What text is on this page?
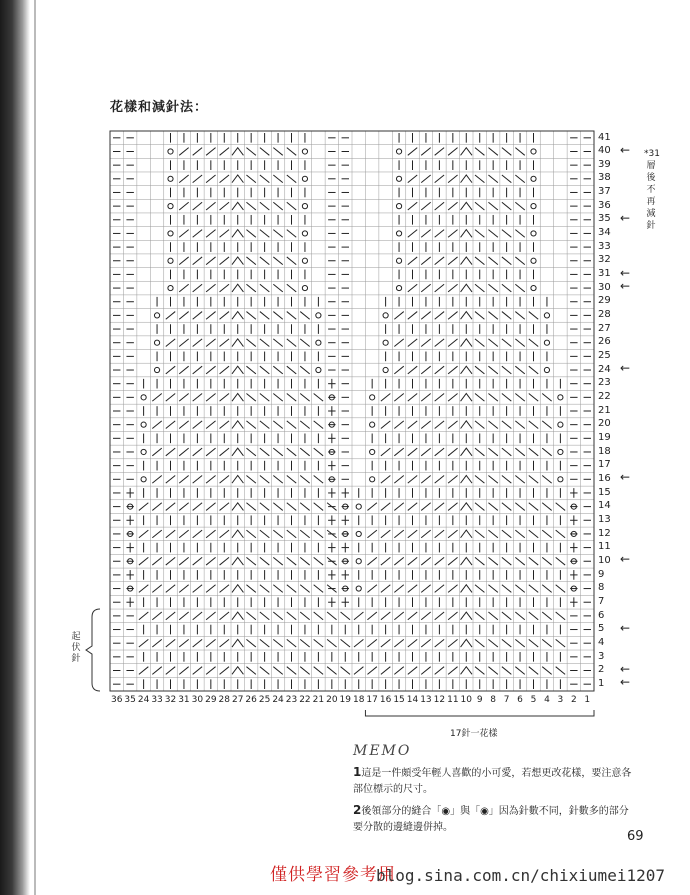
花樣和減針法：
1
2
3
4
5
6
7
8
9
10
11
12
13
14
15
16
17
18
19
20
21
22
23
24
25
26
27
28
29
30
31
32
33
34
35
36
37
38
39
40
41
36 35 24 33 32 31 30 29 28 27 26 25 24 23 22 21 20 19 18 17 16 15 14 13 12 11 10 9 8 7 6 5 4 3 2 1
←
←
←
←
←
←
←
←
←
←
*31層後不再減針
起伏針
17針一花樣
MEMO
1這是一件頗受年輕人喜歡的小可愛，若想更改花樣，要注意各部位標示的尺寸。
2後領部分的縫合「◉」與「◉」因為針數不同，針數多的部分要分散的邊縫邊併掉。
69
僅供學習參考用
blog.sina.com.cn/chixiumei1207
